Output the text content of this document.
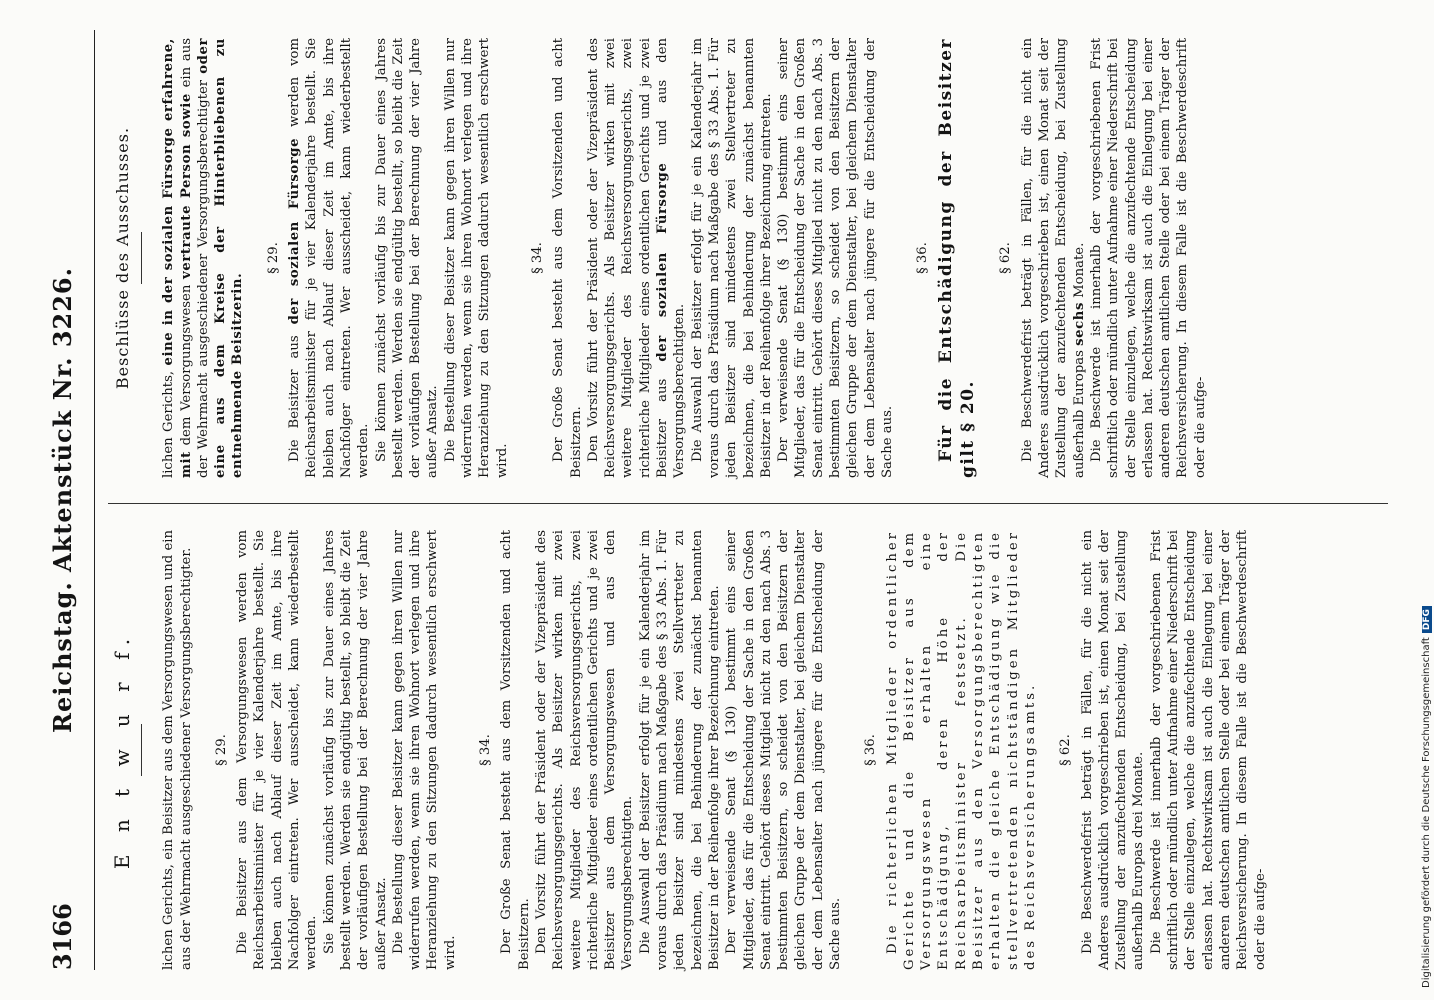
3166
Reichstag. Aktenstück Nr. 3226.
E n t w u r f. lichen Gerichts, ein Beisitzer aus dem Versorgungswesen und ein aus der Wehrmacht ausgeschiedener Versorgungsberechtigter. § 29. Die Beisitzer aus dem Versorgungswesen werden vom Reichsarbeitsminister für je vier Kalenderjahre bestellt. Sie bleiben auch nach Ablauf dieser Zeit im Amte, bis ihre Nachfolger eintreten. Wer ausscheidet, kann wiederbestellt werden. Sie können zunächst vorläufig bis zur Dauer eines Jahres bestellt werden. Werden sie endgültig bestellt, so bleibt die Zeit der vorläufigen Bestellung bei der Berechnung der vier Jahre außer Ansatz. Die Bestellung dieser Beisitzer kann gegen ihren Willen nur widerrufen werden, wenn sie ihren Wohnort verlegen und ihre Heranziehung zu den Sitzungen dadurch wesentlich erschwert wird.

§ 34. Der Große Senat besteht aus dem Vorsitzenden und acht Beisitzern. Den Vorsitz führt der Präsident oder der Vizepräsident des Reichsversorgungsgerichts. Als Beisitzer wirken mit zwei weitere Mitglieder des Reichsversorgungsgerichts, zwei richterliche Mitglieder eines ordentlichen Gerichts und je zwei Beisitzer aus dem Versorgungswesen und aus den Versorgungsberechtigten. Die Auswahl der Beisitzer erfolgt für je ein Kalenderjahr im voraus durch das Präsidium nach Maßgabe des § 33 Abs. 1. Für jeden Beisitzer sind mindestens zwei Stellvertreter zu bezeichnen, die bei Behinderung der zunächst benannten Beisitzer in der Reihenfolge ihrer Bezeichnung eintreten. Der verweisende Senat (§ 130) bestimmt eins seiner Mitglieder, das für die Entscheidung der Sache in den Großen Senat eintritt. Gehört dieses Mitglied nicht zu den nach Abs. 3 bestimmten Beisitzern, so scheidet von den Beisitzern der gleichen Gruppe der dem Dienstalter, bei gleichem Dienstalter der dem Lebensalter nach jüngere für die Entscheidung der Sache aus.

§ 36. Die richterlichen Mitglieder ordentlicher Gerichte und die Beisitzer aus dem Versorgungswesen erhalten eine Entschädigung, deren Höhe der Reichsarbeitsminister festsetzt. Die Beisitzer aus den Versorgungsberechtigten erhalten die gleiche Entschädigung wie die stellvertretenden nichtständigen Mitglieder des Reichsversicherungsamts. § 62. Die Beschwerdefrist beträgt in Fällen, für die nicht ein Anderes ausdrücklich vorgeschrieben ist, einen Monat seit der Zustellung der anzufechtenden Entscheidung, bei Zustellung außerhalb Europas drei Monate. Die Beschwerde ist innerhalb der vorgeschriebenen Frist schriftlich oder mündlich unter Aufnahme einer Niederschrift bei der Stelle einzulegen, welche die anzufechtende Entscheidung erlassen hat. Rechtswirksam ist auch die Einlegung bei einer anderen deutschen amtlichen Stelle oder bei einem Träger der Reichsversicherung. In diesem Falle ist die Beschwerdeschrift oder die aufge-

Beschlüsse des Ausschusses.

lichen Gerichts, eine in der sozialen Fürsorge erfahrene, mit dem Versorgungswesen vertraute Person sowie ein aus der Wehrmacht ausgeschiedener Versorgungsberechtigter oder eine aus dem Kreise der Hinterbliebenen zu entnehmende Beisitzerin.

§ 29.

Die Beisitzer aus der sozialen Fürsorge werden vom Reichsarbeitsminister für je vier Kalenderjahre bestellt. Sie bleiben auch nach Ablauf dieser Zeit im Amte, bis ihre Nachfolger eintreten. Wer ausscheidet, kann wiederbestellt werden. Sie können zunächst vorläufig bis zur Dauer eines Jahres bestellt werden. Werden sie endgültig bestellt, so bleibt die Zeit der vorläufigen Bestellung bei der Berechnung der vier Jahre außer Ansatz. Die Bestellung dieser Beisitzer kann gegen ihren Willen nur widerrufen werden, wenn sie ihren Wohnort verlegen und ihre Heranziehung zu den Sitzungen dadurch wesentlich erschwert wird.

§ 34. Der Große Senat besteht aus dem Vorsitzenden und acht Beisitzern. Den Vorsitz führt der Präsident oder der Vizepräsident des Reichsversorgungsgerichts. Als Beisitzer wirken mit zwei weitere Mitglieder des Reichsversorgungsgerichts, zwei richterliche Mitglieder eines ordentlichen Gerichts und je zwei Beisitzer aus der sozialen Fürsorge und aus den Versorgungsberechtigten. Die Auswahl der Beisitzer erfolgt für je ein Kalenderjahr im voraus durch das Präsidium nach Maßgabe des § 33 Abs. 1. Für jeden Beisitzer sind mindestens zwei Stellvertreter zu bezeichnen, die bei Behinderung der zunächst benannten Beisitzer in der Reihenfolge ihrer Bezeichnung eintreten. Der verweisende Senat (§ 130) bestimmt eins seiner Mitglieder, das für die Entscheidung der Sache in den Großen Senat eintritt. Gehört dieses Mitglied nicht zu den nach Abs. 3 bestimmten Beisitzern, so scheidet von den Beisitzern der gleichen Gruppe der dem Dienstalter, bei gleichem Dienstalter der dem Lebensalter nach jüngere für die Entscheidung der Sache aus.

§ 36. Für die Entschädigung der Beisitzer gilt § 20.

§ 62. Die Beschwerdefrist beträgt in Fällen, für die nicht ein Anderes ausdrücklich vorgeschrieben ist, einen Monat seit der Zustellung der anzufechtenden Entscheidung, bei Zustellung außerhalb Europas sechs Monate. Die Beschwerde ist innerhalb der vorgeschriebenen Frist schriftlich oder mündlich unter Aufnahme einer Niederschrift bei der Stelle einzulegen, welche die anzufechtende Entscheidung erlassen hat. Rechtswirksam ist auch die Einlegung bei einer anderen deutschen amtlichen Stelle oder bei einem Träger der Reichsversicherung. In diesem Falle ist die Beschwerdeschrift oder die aufge-

Digitalisierung gefördert durch die Deutsche ForschungsgemeinschaftDFG
